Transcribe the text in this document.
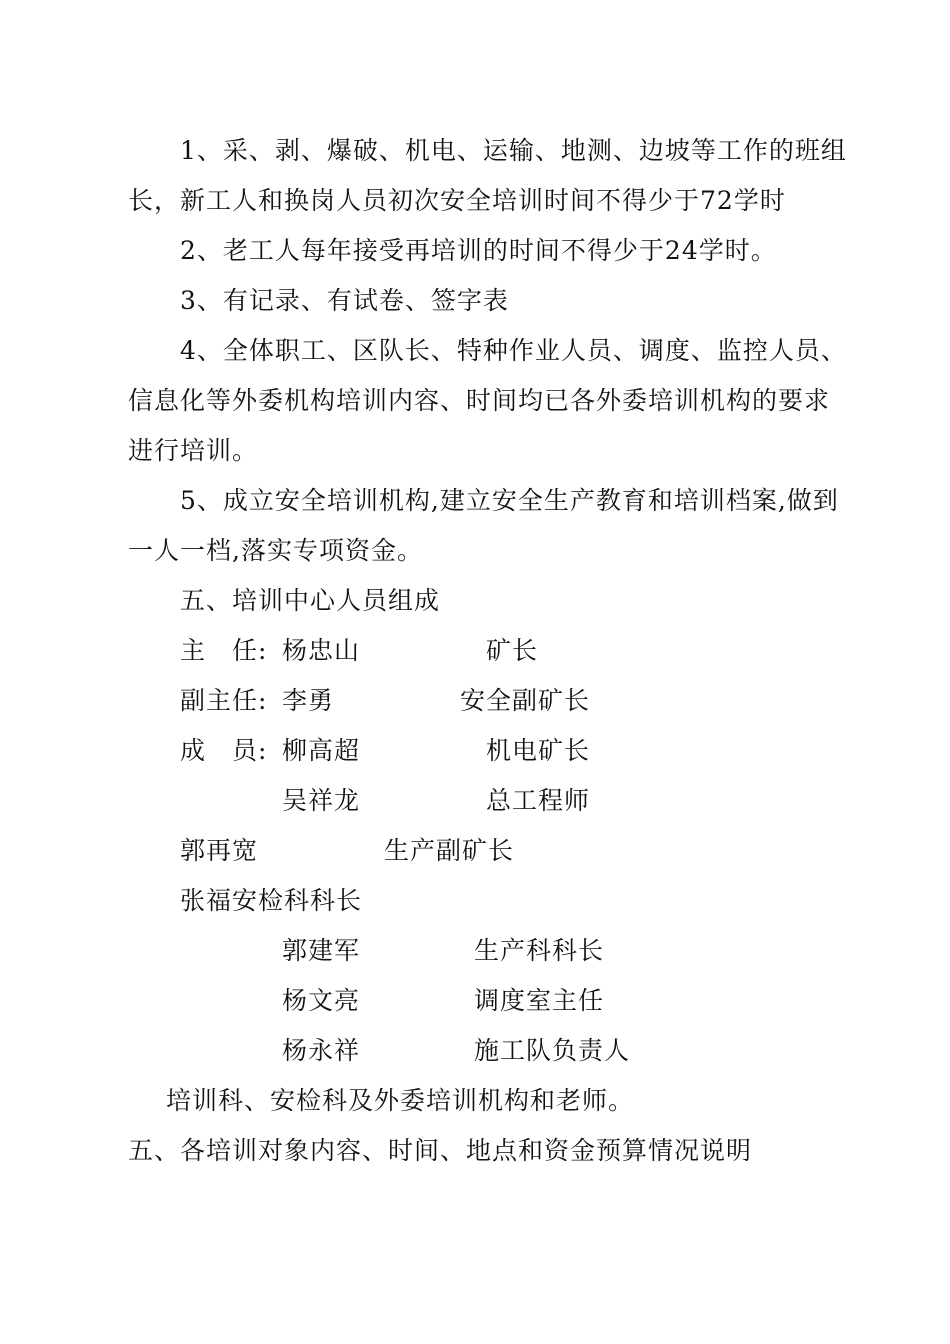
1、采、剥、爆破、机电、运输、地测、边坡等工作的班组
长，新工人和换岗人员初次安全培训时间不得少于72学时
2、老工人每年接受再培训的时间不得少于24学时。
3、有记录、有试卷、签字表
4、全体职工、区队长、特种作业人员、调度、监控人员、
信息化等外委机构培训内容、时间均已各外委培训机构的要求
进行培训。
5、成立安全培训机构,建立安全生产教育和培训档案,做到
一人一档,落实专项资金。
五、培训中心人员组成
主　任: 杨忠山	矿长
副主任: 李勇	安全副矿长
成　员: 柳高超	机电矿长
吴祥龙	总工程师
郭再宽	生产副矿长
张福安检科科长
郭建军	生产科科长
杨文亮	调度室主任
杨永祥	施工队负责人
培训科、安检科及外委培训机构和老师。
五、各培训对象内容、时间、地点和资金预算情况说明
